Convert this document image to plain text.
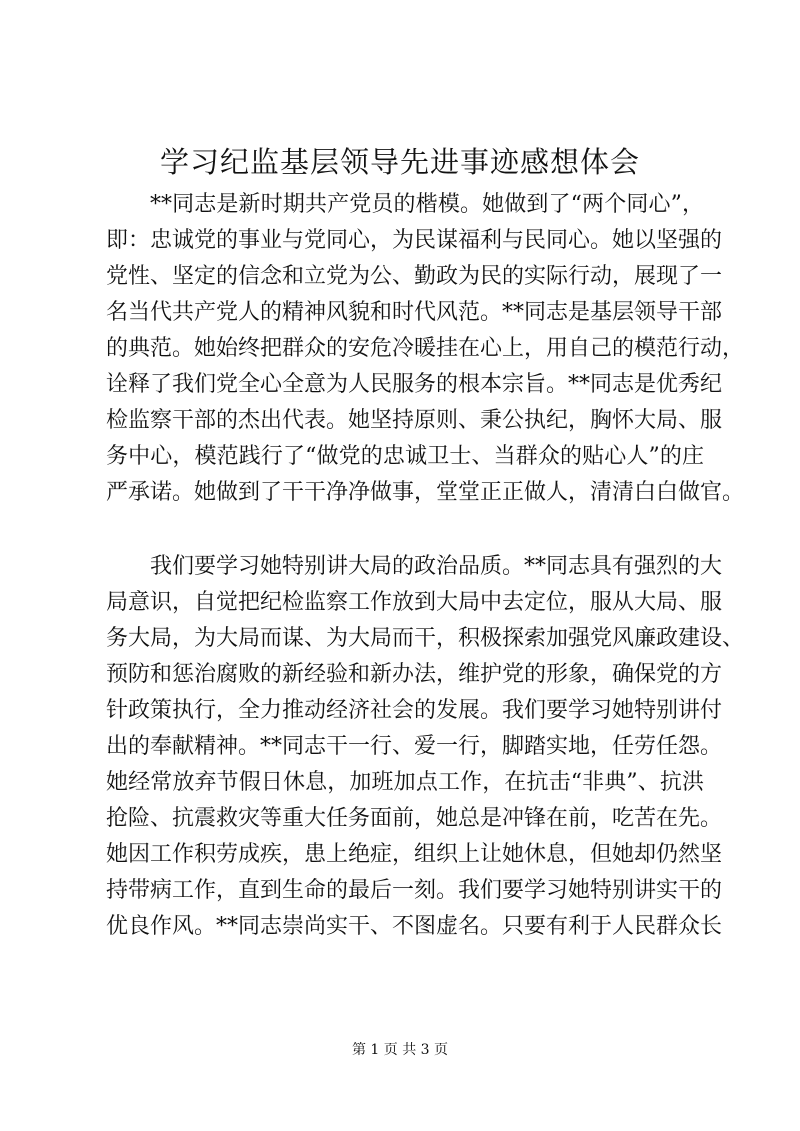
学习纪监基层领导先进事迹感想体会
**同志是新时期共产党员的楷模。她做到了“两个同心”，
即：忠诚党的事业与党同心，为民谋福利与民同心。她以坚强的
党性、坚定的信念和立党为公、勤政为民的实际行动，展现了一
名当代共产党人的精神风貌和时代风范。**同志是基层领导干部
的典范。她始终把群众的安危冷暖挂在心上，用自己的模范行动，
诠释了我们党全心全意为人民服务的根本宗旨。**同志是优秀纪
检监察干部的杰出代表。她坚持原则、秉公执纪，胸怀大局、服
务中心，模范践行了“做党的忠诚卫士、当群众的贴心人”的庄
严承诺。她做到了干干净净做事，堂堂正正做人，清清白白做官。
我们要学习她特别讲大局的政治品质。**同志具有强烈的大
局意识，自觉把纪检监察工作放到大局中去定位，服从大局、服
务大局，为大局而谋、为大局而干，积极探索加强党风廉政建设、
预防和惩治腐败的新经验和新办法，维护党的形象，确保党的方
针政策执行，全力推动经济社会的发展。我们要学习她特别讲付
出的奉献精神。**同志干一行、爱一行，脚踏实地，任劳任怨。
她经常放弃节假日休息，加班加点工作，在抗击“非典”、抗洪
抢险、抗震救灾等重大任务面前，她总是冲锋在前，吃苦在先。
她因工作积劳成疾，患上绝症，组织上让她休息，但她却仍然坚
持带病工作，直到生命的最后一刻。我们要学习她特别讲实干的
优良作风。**同志崇尚实干、不图虚名。只要有利于人民群众长
第 1 页 共 3 页
